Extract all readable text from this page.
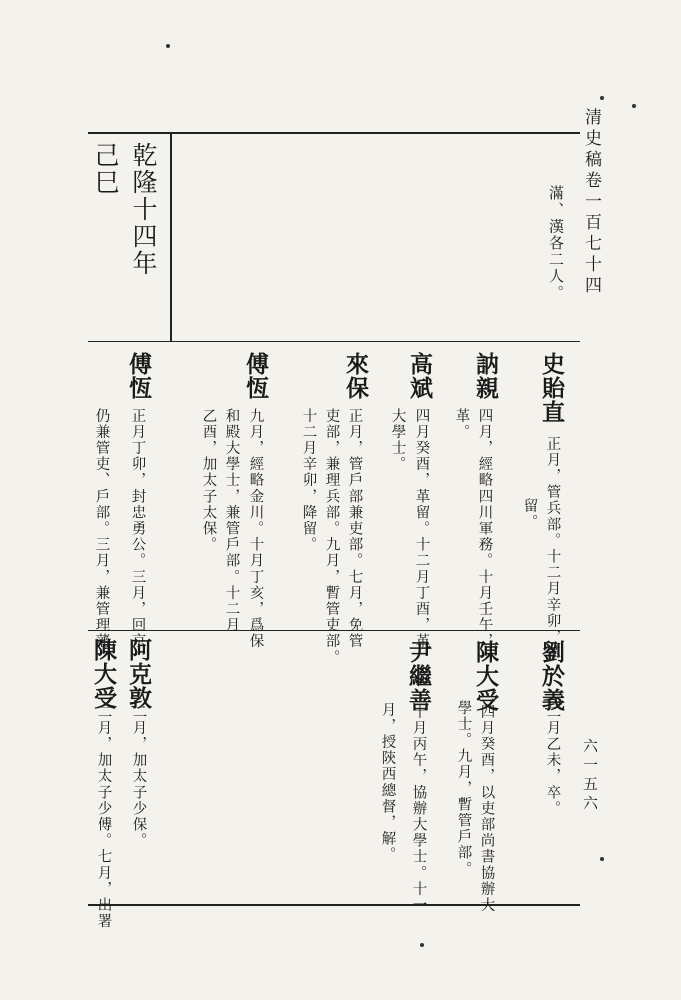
清史稿卷一百七十四
六一五六
滿、漢各二人。
乾隆十四年
己巳
史貽直
正月，管兵部。十二月辛卯，革
留。
訥親
四月，經略四川軍務。十月壬午，
革。
高斌
四月癸酉，革留。十二月丁酉，革
大學士。
來保
正月，管戶部兼吏部。七月，免管
吏部，兼理兵部。九月，暫管吏部。
十二月辛卯，降留。
傅恆
九月，經略金川。十月丁亥，爲保
和殿大學士，兼管戶部。十二月
乙酉，加太子太保。
傅恆
正月丁卯，封忠勇公。三月，回京，
仍兼管吏、戶部。三月，兼管理藩
劉於義
二月乙未，卒。
陳大受
四月癸酉，以吏部尚書協辦大
學士。九月，暫管戶部。
尹繼善
十月丙午，協辦大學士。十一
月，授陝西總督，解。
阿克敦
二月，加太子少保。
陳大受
二月，加太子少傅。七月，出署
